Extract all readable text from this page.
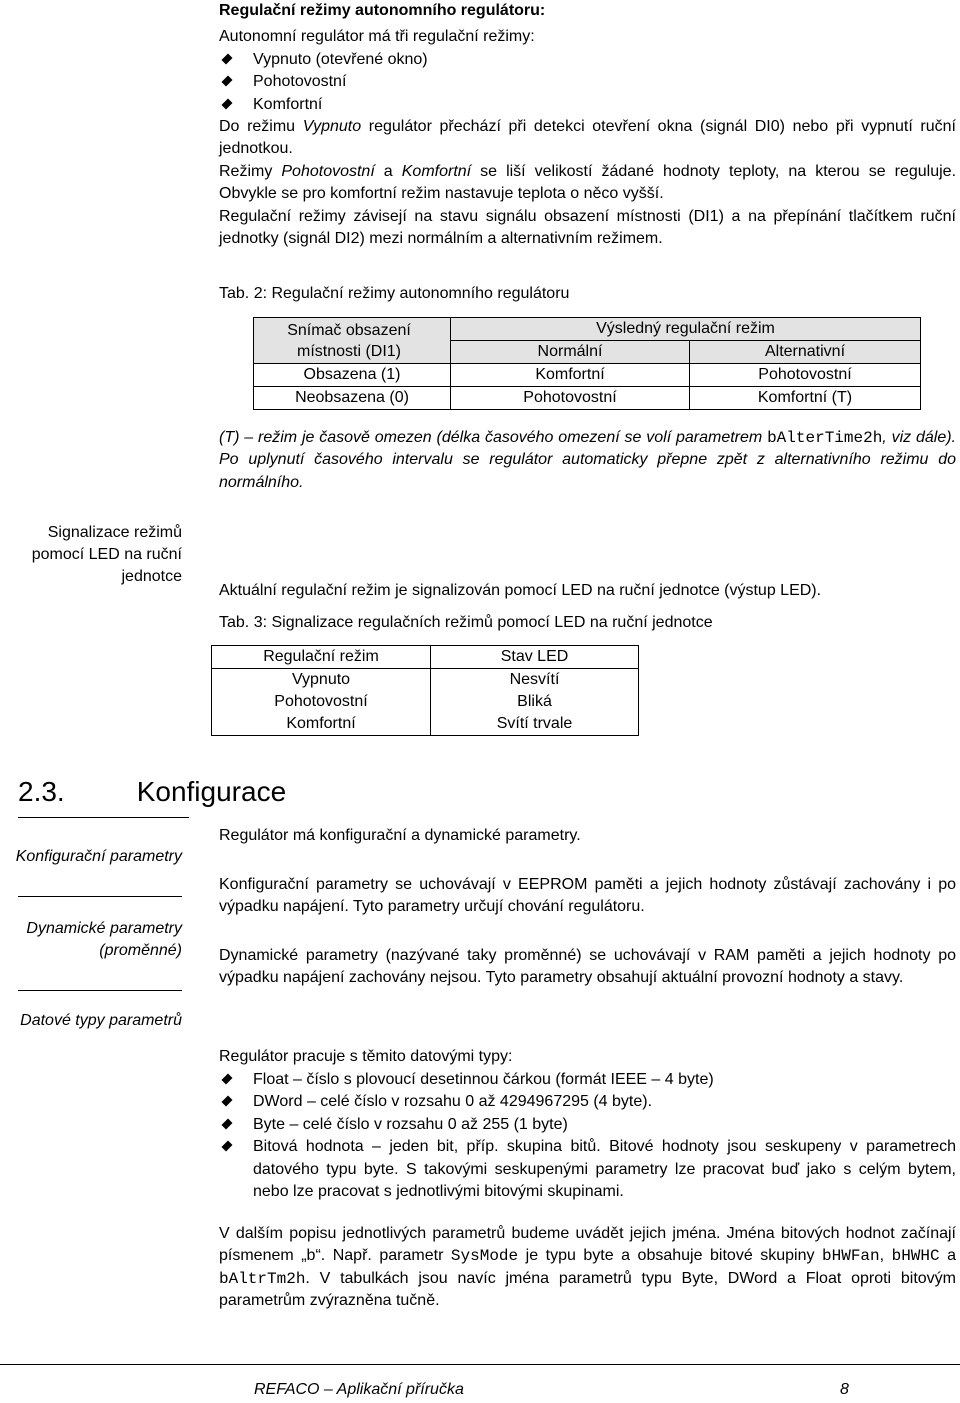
Regulační režimy autonomního regulátoru:
Autonomní regulátor má tři regulační režimy:
Vypnuto (otevřené okno)
Pohotovostní
Komfortní
Do režimu Vypnuto regulátor přechází při detekci otevření okna (signál DI0) nebo při vypnutí ruční jednotkou.
Režimy Pohotovostní a Komfortní se liší velikostí žádané hodnoty teploty, na kterou se reguluje. Obvykle se pro komfortní režim nastavuje teplota o něco vyšší.
Regulační režimy závisejí na stavu signálu obsazení místnosti (DI1) a na přepínání tlačítkem ruční jednotky (signál DI2) mezi normálním a alternativním režimem.
Tab. 2: Regulační režimy autonomního regulátoru
Snímač obsazení místnosti (DI1)		Výsledný regulační režim	
		Normální	Alternativní
Obsazena (1)		Komfortní	Pohotovostní
Neobsazena (0)		Pohotovostní	Komfortní (T)
(T) – režim je časově omezen (délka časového omezení se volí parametrem bAlterTime2h, viz dále). Po uplynutí časového intervalu se regulátor automaticky přepne zpět z alternativního režimu do normálního.
Signalizace režimů pomocí LED na ruční jednotce
Aktuální regulační režim je signalizován pomocí LED na ruční jednotce (výstup LED).
Tab. 3: Signalizace regulačních režimů pomocí LED na ruční jednotce
Regulační režim	Stav LED
Vypnuto	Nesvítí
Pohotovostní	Bliká
Komfortní	Svítí trvale
2.3.	Konfigurace
Konfigurační parametry
Dynamické parametry (proměnné)
Datové typy parametrů
Regulátor má konfigurační a dynamické parametry.
Konfigurační parametry se uchovávají v EEPROM paměti a jejich hodnoty zůstávají zachovány i po výpadku napájení. Tyto parametry určují chování regulátoru.
Dynamické parametry (nazývané taky proměnné) se uchovávají v RAM paměti a jejich hodnoty po výpadku napájení zachovány nejsou. Tyto parametry obsahují aktuální provozní hodnoty a stavy.
Regulátor pracuje s těmito datovými typy:
Float – číslo s plovoucí desetinnou čárkou (formát IEEE – 4 byte)
DWord – celé číslo v rozsahu 0 až 4294967295 (4 byte).
Byte – celé číslo v rozsahu 0 až 255 (1 byte)
Bitová hodnota – jeden bit, příp. skupina bitů. Bitové hodnoty jsou seskupeny v parametrech datového typu byte. S takovými seskupenými parametry lze pracovat buď jako s celým bytem, nebo lze pracovat s jednotlivými bitovými skupinami.
V dalším popisu jednotlivých parametrů budeme uvádět jejich jména. Jména bitových hodnot začínají písmenem „b“. Např. parametr SysMode je typu byte a obsahuje bitové skupiny bHWFan, bHWHC a bAltrTm2h. V tabulkách jsou navíc jména parametrů typu Byte, DWord a Float oproti bitovým parametrům zvýrazněna tučně.
REFACO – Aplikační příručka	8
